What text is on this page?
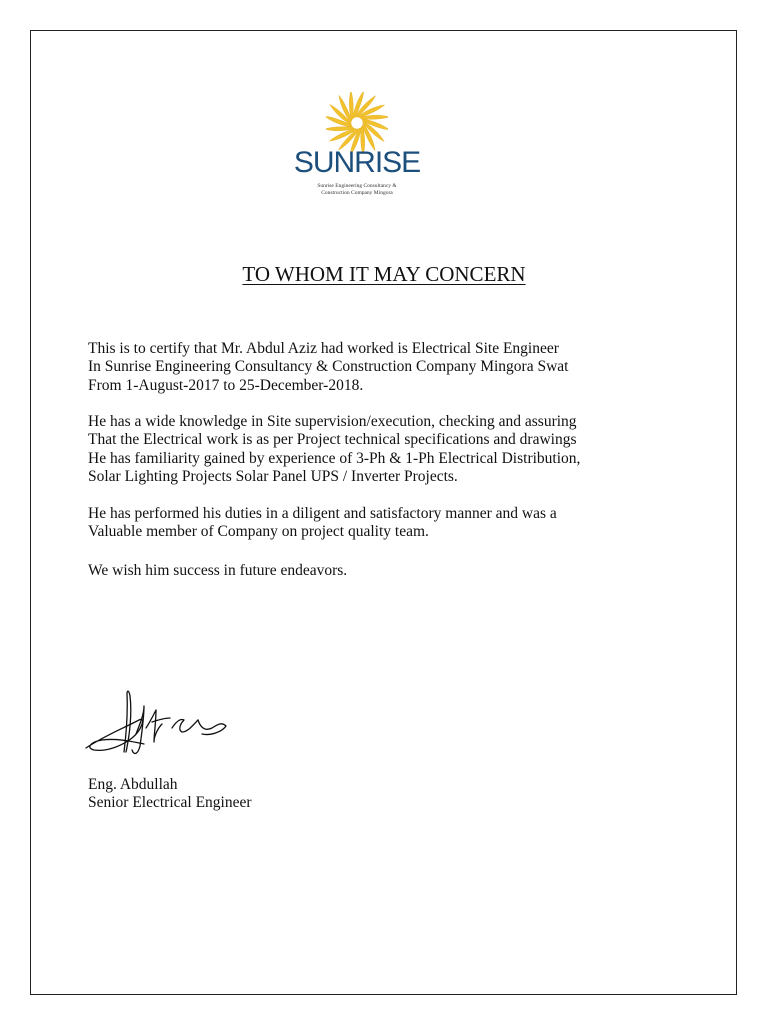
SUNRISE
Sunrise Engineering Consultancy &
Construction Company Mingora
TO WHOM IT MAY CONCERN
This is to certify that Mr. Abdul Aziz had worked is Electrical Site Engineer
In Sunrise Engineering Consultancy & Construction Company Mingora Swat
From 1-August-2017 to 25-December-2018.
He has a wide knowledge in Site supervision/execution, checking and assuring
That the Electrical work is as per Project technical specifications and drawings
He has familiarity gained by experience of 3-Ph & 1-Ph Electrical Distribution,
Solar Lighting Projects Solar Panel UPS / Inverter Projects.
He has performed his duties in a diligent and satisfactory manner and was a
Valuable member of Company on project quality team.
We wish him success in future endeavors.
Eng. Abdullah
Senior Electrical Engineer
